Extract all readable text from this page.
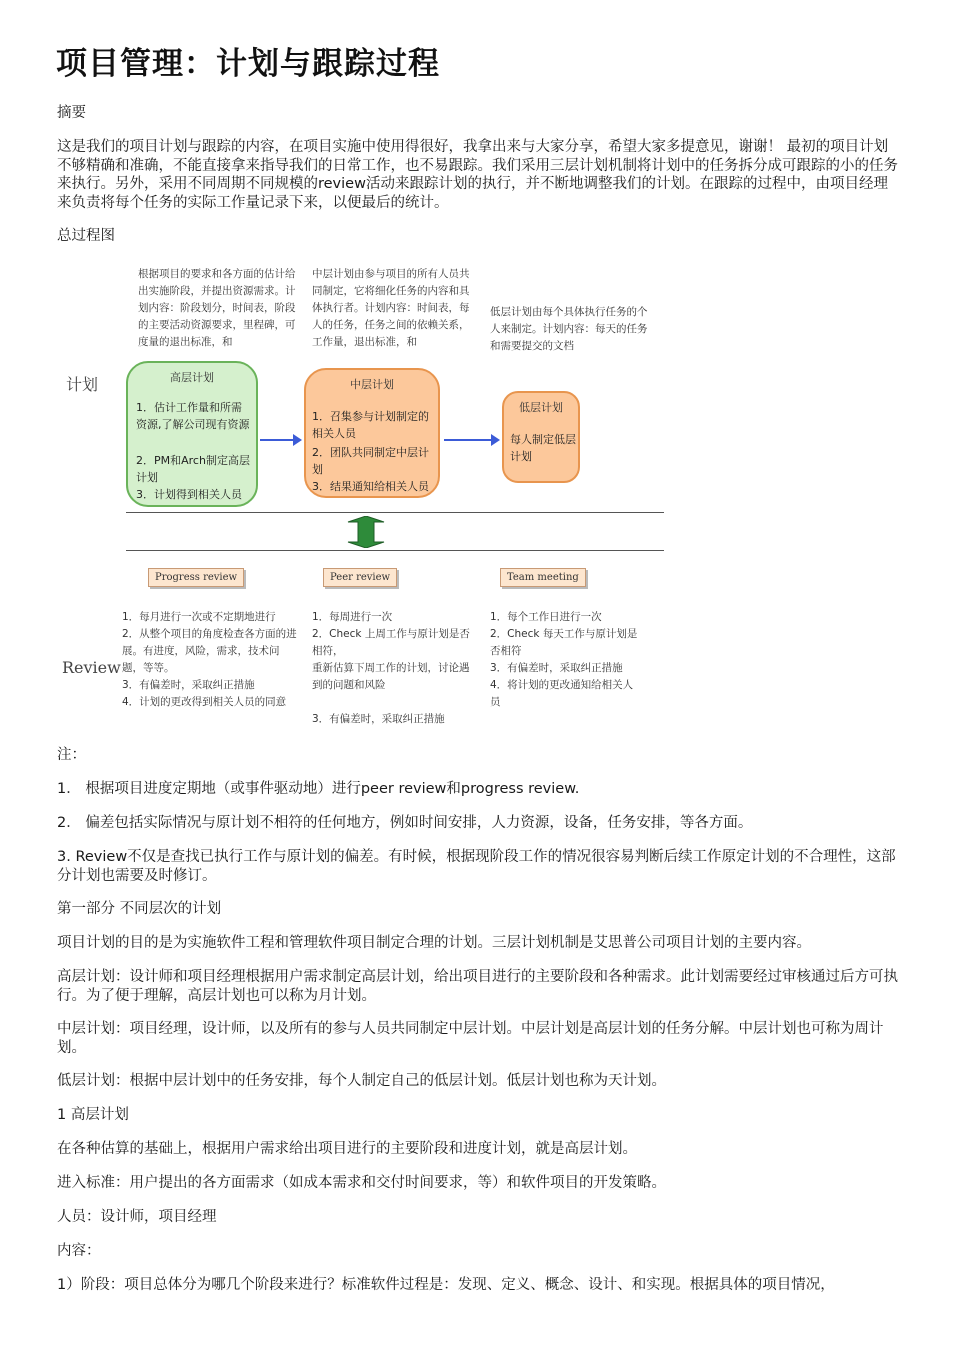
项目管理：计划与跟踪过程

摘要

这是我们的项目计划与跟踪的内容，在项目实施中使用得很好，我拿出来与大家分享，希望大家多提意见，谢谢！ 最初的项目计划不够精确和准确，不能直接拿来指导我们的日常工作，也不易跟踪。我们采用三层计划机制将计划中的任务拆分成可跟踪的小的任务来执行。另外，采用不同周期不同规模的review活动来跟踪计划的执行，并不断地调整我们的计划。在跟踪的过程中，由项目经理来负责将每个任务的实际工作量记录下来，以便最后的统计。

总过程图

根据项目的要求和各方面的估计给出实施阶段，并提出资源需求。计划内容：阶段划分，时间表，阶段的主要活动资源要求，里程碑，可度量的退出标准，和

中层计划由参与项目的所有人员共同制定，它将细化任务的内容和具体执行者。计划内容：时间表，每人的任务，任务之间的依赖关系，工作量，退出标准，和

低层计划由每个具体执行任务的个人来制定。计划内容：每天的任务和需要提交的文档

计划	高层计划

1．估计工作量和所需资源,了解公司现有资源

2．PM和Arch制定高层计划

3．计划得到相关人员

中层计划

1．召集参与计划制定的相关人员

2．团队共同制定中层计划

3．结果通知给相关人员

低层计划

每人制定低层计划

Progress review	Peer review	Team meeting
Review

1．每月进行一次或不定期地进行

2．从整个项目的角度检查各方面的进展。有进度，风险，需求，技术问题，等等。

3．有偏差时，采取纠正措施

4．计划的更改得到相关人员的同意

1．每周进行一次

2．Check 上周工作与原计划是否相符，

重新估算下周工作的计划，讨论遇到的问题和风险

3．有偏差时，采取纠正措施

1．每个工作日进行一次

2．Check 每天工作与原计划是否相符

3．有偏差时，采取纠正措施

4．将计划的更改通知给相关人员

注：

1． 根据项目进度定期地（或事件驱动地）进行peer review和progress review.

2． 偏差包括实际情况与原计划不相符的任何地方，例如时间安排，人力资源，设备，任务安排，等各方面。

3. Review不仅是查找已执行工作与原计划的偏差。有时候，根据现阶段工作的情况很容易判断后续工作原定计划的不合理性，这部分计划也需要及时修订。

第一部分 不同层次的计划

项目计划的目的是为实施软件工程和管理软件项目制定合理的计划。三层计划机制是艾思普公司项目计划的主要内容。

高层计划：设计师和项目经理根据用户需求制定高层计划，给出项目进行的主要阶段和各种需求。此计划需要经过审核通过后方可执行。为了便于理解，高层计划也可以称为月计划。

中层计划：项目经理，设计师，以及所有的参与人员共同制定中层计划。中层计划是高层计划的任务分解。中层计划也可称为周计划。

低层计划：根据中层计划中的任务安排，每个人制定自己的低层计划。低层计划也称为天计划。

1 高层计划

在各种估算的基础上，根据用户需求给出项目进行的主要阶段和进度计划，就是高层计划。

进入标准：用户提出的各方面需求（如成本需求和交付时间要求，等）和软件项目的开发策略。

人员：设计师，项目经理

内容：

1）阶段：项目总体分为哪几个阶段来进行？标准软件过程是：发现、定义、概念、设计、和实现。根据具体的项目情况，
